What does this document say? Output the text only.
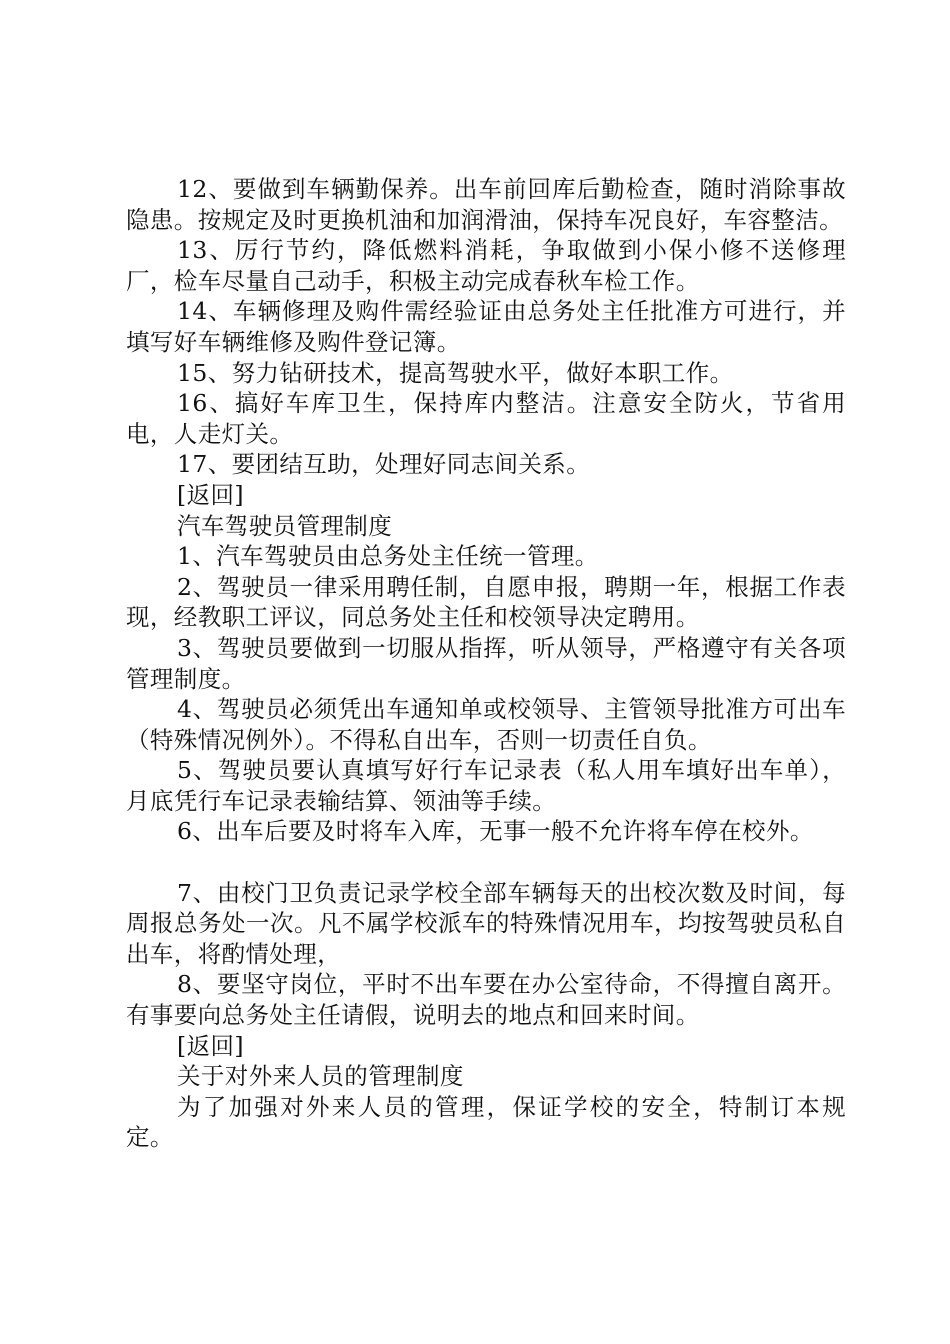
12、要做到车辆勤保养。出车前回库后勤检查，随时消除事故隐患。按规定及时更换机油和加润滑油，保持车况良好，车容整洁。

13、厉行节约，降低燃料消耗，争取做到小保小修不送修理厂，检车尽量自己动手，积极主动完成春秋车检工作。

14、车辆修理及购件需经验证由总务处主任批准方可进行，并填写好车辆维修及购件登记簿。

15、努力钻研技术，提高驾驶水平，做好本职工作。

16、搞好车库卫生，保持库内整洁。注意安全防火，节省用电，人走灯关。

17、要团结互助，处理好同志间关系。

[返回]

汽车驾驶员管理制度

1、汽车驾驶员由总务处主任统一管理。

2、驾驶员一律采用聘任制，自愿申报，聘期一年，根据工作表现，经教职工评议，同总务处主任和校领导决定聘用。

3、驾驶员要做到一切服从指挥，听从领导，严格遵守有关各项管理制度。

4、驾驶员必须凭出车通知单或校领导、主管领导批准方可出车（特殊情况例外）。不得私自出车，否则一切责任自负。

5、驾驶员要认真填写好行车记录表（私人用车填好出车单），月底凭行车记录表输结算、领油等手续。

6、出车后要及时将车入库，无事一般不允许将车停在校外。

7、由校门卫负责记录学校全部车辆每天的出校次数及时间，每周报总务处一次。凡不属学校派车的特殊情况用车，均按驾驶员私自出车，将酌情处理，

8、要坚守岗位，平时不出车要在办公室待命，不得擅自离开。有事要向总务处主任请假，说明去的地点和回来时间。

[返回]

关于对外来人员的管理制度

为了加强对外来人员的管理，保证学校的安全，特制订本规定。
